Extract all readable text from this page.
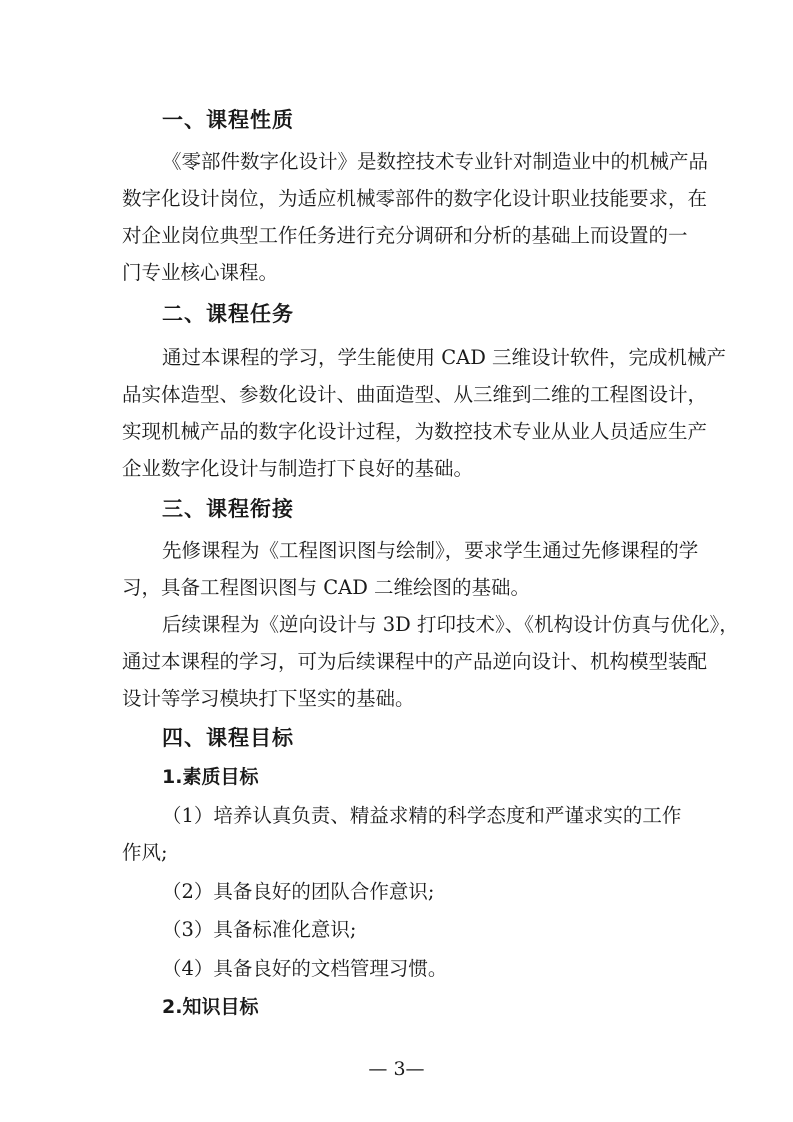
一、课程性质
《零部件数字化设计》是数控技术专业针对制造业中的机械产品
数字化设计岗位，为适应机械零部件的数字化设计职业技能要求，在
对企业岗位典型工作任务进行充分调研和分析的基础上而设置的一
门专业核心课程。
二、课程任务
通过本课程的学习，学生能使用 CAD 三维设计软件，完成机械产
品实体造型、参数化设计、曲面造型、从三维到二维的工程图设计，
实现机械产品的数字化设计过程，为数控技术专业从业人员适应生产
企业数字化设计与制造打下良好的基础。
三、课程衔接
先修课程为《工程图识图与绘制》，要求学生通过先修课程的学
习，具备工程图识图与 CAD 二维绘图的基础。
后续课程为《逆向设计与 3D 打印技术》、《机构设计仿真与优化》，
通过本课程的学习，可为后续课程中的产品逆向设计、机构模型装配
设计等学习模块打下坚实的基础。
四、课程目标
1.素质目标
（1）培养认真负责、精益求精的科学态度和严谨求实的工作
作风;
（2）具备良好的团队合作意识;
（3）具备标准化意识;
（4）具备良好的文档管理习惯。
2.知识目标
— 3—
